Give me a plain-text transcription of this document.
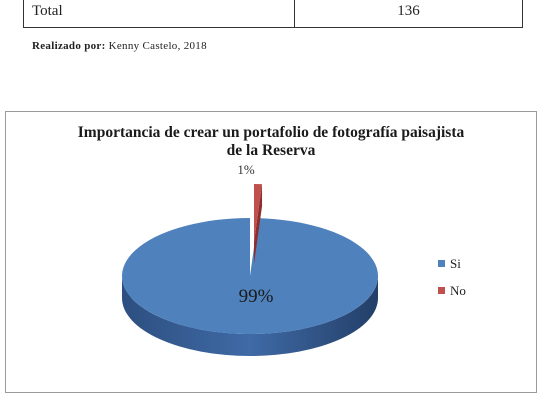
Total	136
Realizado por: Kenny Castelo, 2018
Importancia de crear un portafolio de fotografía paisajista
de la Reserva
99%
1%
Si
No
